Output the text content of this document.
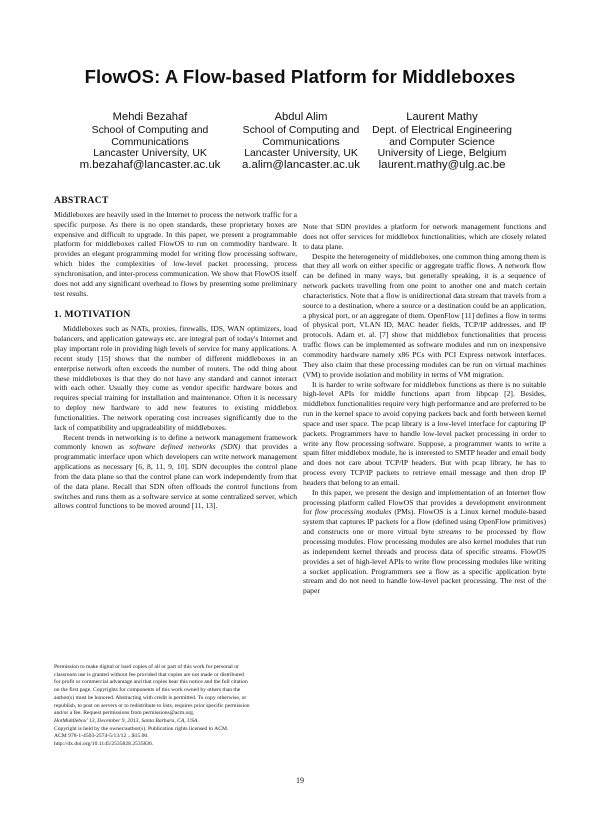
FlowOS: A Flow-based Platform for Middleboxes
Mehdi Bezahaf
School of Computing and
Communications
Lancaster University, UK
m.bezahaf@lancaster.ac.uk
Abdul Alim
School of Computing and
Communications
Lancaster University, UK
a.alim@lancaster.ac.uk
Laurent Mathy
Dept. of Electrical Engineering
and Computer Science
University of Liege, Belgium
laurent.mathy@ulg.ac.be
ABSTRACT

Middleboxes are heavily used in the Internet to process the network traffic for a specific purpose. As there is no open standards, these proprietary boxes are expensive and difficult to upgrade. In this paper, we present a programmable platform for middleboxes called FlowOS to run on commodity hardware. It provides an elegant programming model for writing flow processing software, which hides the complexities of low-level packet processing, process synchronisation, and inter-process communication. We show that FlowOS itself does not add any significant overhead to flows by presenting some preliminary test results.

1. MOTIVATION

Middleboxes such as NATs, proxies, firewalls, IDS, WAN optimizers, load balancers, and application gateways etc. are integral part of today's Internet and play important role in providing high levels of service for many applications. A recent study [15] shows that the number of different middleboxes in an enterprise network often exceeds the number of routers. The odd thing about these middleboxes is that they do not have any standard and cannot interact with each other. Usually they come as vendor specific hardware boxes and requires special training for installation and maintenance. Often it is necessary to deploy new hardware to add new features to existing middlebox functionalities. The network operating cost increases significantly due to the lack of compatibility and upgradeability of middleboxes.

Recent trends in networking is to define a network management framework commonly known as software defined networks (SDN) that provides a programmatic interface upon which developers can write network management applications as necessary [6, 8, 11, 9, 10]. SDN decouples the control plane from the data plane so that the control plane can work independently from that of the data plane. Recall that SDN often offloads the control functions from switches and runs them as a software service at some centralized server, which allows control functions to be moved around [11, 13].

Permission to make digital or hard copies of all or part of this work for personal or
classroom use is granted without fee provided that copies are not made or distributed
for profit or commercial advantage and that copies bear this notice and the full citation
on the first page. Copyrights for components of this work owned by others than the
author(s) must be honored. Abstracting with credit is permitted. To copy otherwise, or
republish, to post on servers or to redistribute to lists, requires prior specific permission
and/or a fee. Request permissions from permissions@acm.org.
HotMiddlebox' 13, December 9, 2013, Santa Barbara, CA, USA.
Copyright is held by the owner/author(s). Publication rights licensed to ACM.
ACM 978-1-4503-2574-5/13/12 ...$15.00.
http://dx.doi.org/10.1145/2535828.2535836.

Note that SDN provides a platform for network management functions and does not offer services for middlebox functionalities, which are closely related to data plane.

Despite the heterogeneity of middleboxes, one common thing among them is that they all work on either specific or aggregate traffic flows. A network flow can be defined in many ways, but generally speaking, it is a sequence of network packets travelling from one point to another one and match certain characteristics. Note that a flow is unidirectional data stream that travels from a source to a destination, where a source or a destination could be an application, a physical port, or an aggregate of them. OpenFlow [11] defines a flow in terms of physical port, VLAN ID, MAC header fields, TCP/IP addresses, and IP protocols. Adam et. al. [7] show that middlebox functionalities that process traffic flows can be implemented as software modules and run on inexpensive commodity hardware namely x86 PCs with PCI Express network interfaces. They also claim that these processing modules can be run on virtual machines (VM) to provide isolation and mobility in terms of VM migration.

It is harder to write software for middlebox functions as there is no suitable high-level APIs for middle functions apart from libpcap [2]. Besides, middlebox functionalities require very high performance and are preferred to be run in the kernel space to avoid copying packets back and forth between kernel space and user space. The pcap library is a low-level interface for capturing IP packets. Programmers have to handle low-level packet processing in order to write any flow processing software. Suppose, a programmer wants to write a spam filter middlebox module, he is interested to SMTP header and email body and does not care about TCP/IP headers. But with pcap library, he has to process every TCP/IP packets to retrieve email message and then drop IP headers that belong to an email.

In this paper, we present the design and implementation of an Internet flow processing platform called FlowOS that provides a development environment for flow processing modules (PMs). FlowOS is a Linux kernel module-based system that captures IP packets for a flow (defined using OpenFlow primitives) and constructs one or more virtual byte streams to be processed by flow processing modules. Flow processing modules are also kernel modules that run as independent kernel threads and process data of specific streams. FlowOS provides a set of high-level APIs to write flow processing modules like writing a socket application. Programmers see a flow as a specific application byte stream and do not need to handle low-level packet processing. The rest of the paper

19
